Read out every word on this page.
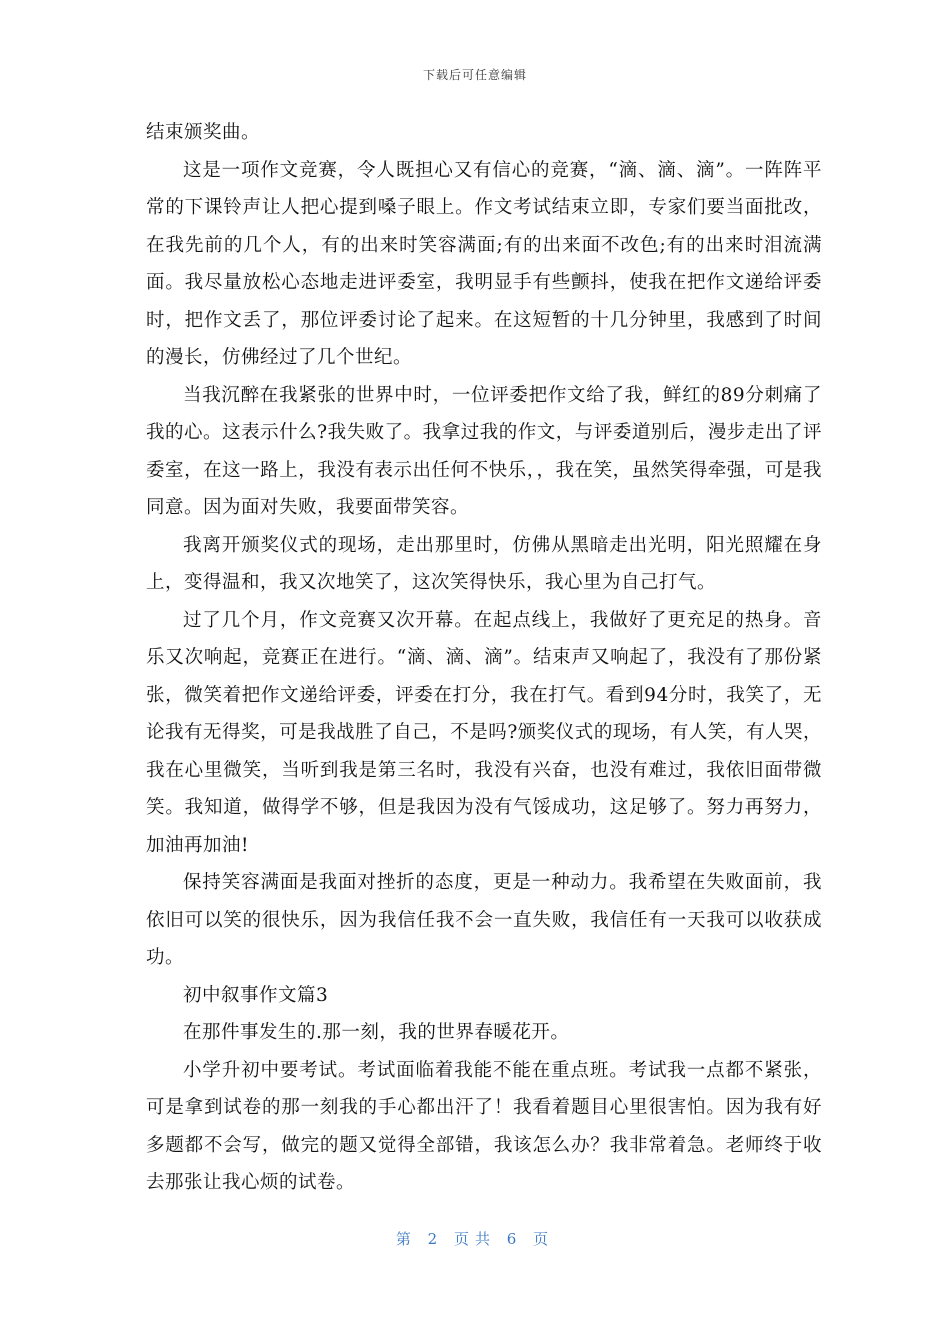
下载后可任意编辑

结束颁奖曲。

这是一项作文竞赛，令人既担心又有信心的竞赛，“滴、滴、滴”。一阵阵平常的下课铃声让人把心提到嗓子眼上。作文考试结束立即，专家们要当面批改，在我先前的几个人，有的出来时笑容满面;有的出来面不改色;有的出来时泪流满面。我尽量放松心态地走进评委室，我明显手有些颤抖，使我在把作文递给评委时，把作文丢了，那位评委讨论了起来。在这短暂的十几分钟里，我感到了时间的漫长，仿佛经过了几个世纪。

当我沉醉在我紧张的世界中时，一位评委把作文给了我，鲜红的89分刺痛了我的心。这表示什么?我失败了。我拿过我的作文，与评委道别后，漫步走出了评委室，在这一路上，我没有表示出任何不快乐，，我在笑，虽然笑得牵强，可是我同意。因为面对失败，我要面带笑容。

我离开颁奖仪式的现场，走出那里时，仿佛从黑暗走出光明，阳光照耀在身上，变得温和，我又次地笑了，这次笑得快乐，我心里为自己打气。

过了几个月，作文竞赛又次开幕。在起点线上，我做好了更充足的热身。音乐又次响起，竞赛正在进行。“滴、滴、滴”。结束声又响起了，我没有了那份紧张，微笑着把作文递给评委，评委在打分，我在打气。看到94分时，我笑了，无论我有无得奖，可是我战胜了自己，不是吗?颁奖仪式的现场，有人笑，有人哭，我在心里微笑，当听到我是第三名时，我没有兴奋，也没有难过，我依旧面带微笑。我知道，做得学不够，但是我因为没有气馁成功，这足够了。努力再努力，加油再加油!

保持笑容满面是我面对挫折的态度，更是一种动力。我希望在失败面前，我依旧可以笑的很快乐，因为我信任我不会一直失败，我信任有一天我可以收获成功。

初中叙事作文篇3

在那件事发生的.那一刻，我的世界春暖花开。

小学升初中要考试。考试面临着我能不能在重点班。考试我一点都不紧张，可是拿到试卷的那一刻我的手心都出汗了！我看着题目心里很害怕。因为我有好多题都不会写，做完的题又觉得全部错，我该怎么办？我非常着急。老师终于收去那张让我心烦的试卷。

第 2 页共 6 页
